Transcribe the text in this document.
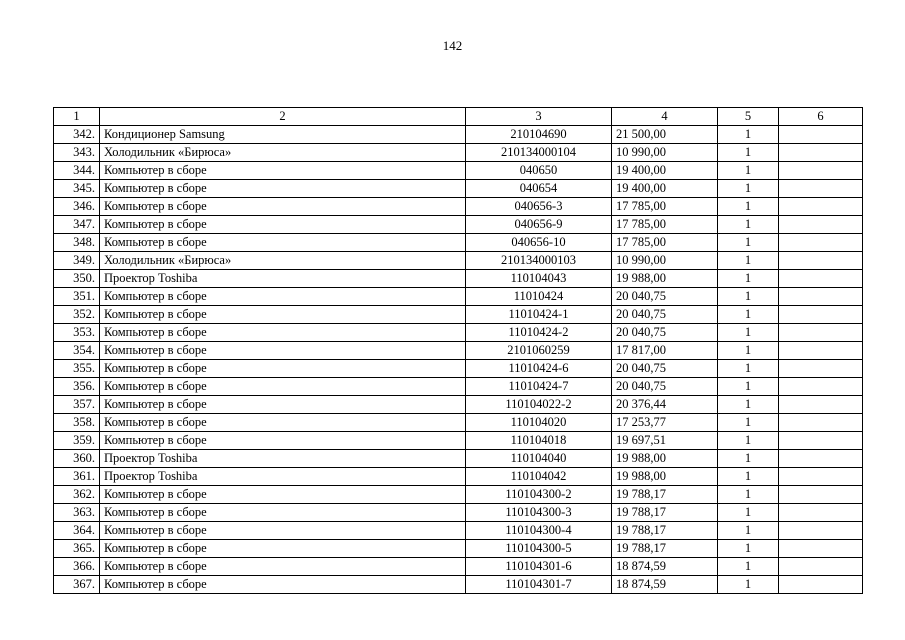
142
1	2	3	4	5	6
342.	Кондиционер Samsung	210104690	21 500,00	1	
343.	Холодильник «Бирюса»	210134000104	10 990,00	1	
344.	Компьютер в сборе	040650	19 400,00	1	
345.	Компьютер в сборе	040654	19 400,00	1	
346.	Компьютер в сборе	040656-3	17 785,00	1	
347.	Компьютер в сборе	040656-9	17 785,00	1	
348.	Компьютер в сборе	040656-10	17 785,00	1	
349.	Холодильник «Бирюса»	210134000103	10 990,00	1	
350.	Проектор Toshiba	110104043	19 988,00	1	
351.	Компьютер в сборе	11010424	20 040,75	1	
352.	Компьютер в сборе	11010424-1	20 040,75	1	
353.	Компьютер в сборе	11010424-2	20 040,75	1	
354.	Компьютер в сборе	2101060259	17 817,00	1	
355.	Компьютер в сборе	11010424-6	20 040,75	1	
356.	Компьютер в сборе	11010424-7	20 040,75	1	
357.	Компьютер в сборе	110104022-2	20 376,44	1	
358.	Компьютер в сборе	110104020	17 253,77	1	
359.	Компьютер в сборе	110104018	19 697,51	1	
360.	Проектор Toshiba	110104040	19 988,00	1	
361.	Проектор Toshiba	110104042	19 988,00	1	
362.	Компьютер в сборе	110104300-2	19 788,17	1	
363.	Компьютер в сборе	110104300-3	19 788,17	1	
364.	Компьютер в сборе	110104300-4	19 788,17	1	
365.	Компьютер в сборе	110104300-5	19 788,17	1	
366.	Компьютер в сборе	110104301-6	18 874,59	1	
367.	Компьютер в сборе	110104301-7	18 874,59	1	
